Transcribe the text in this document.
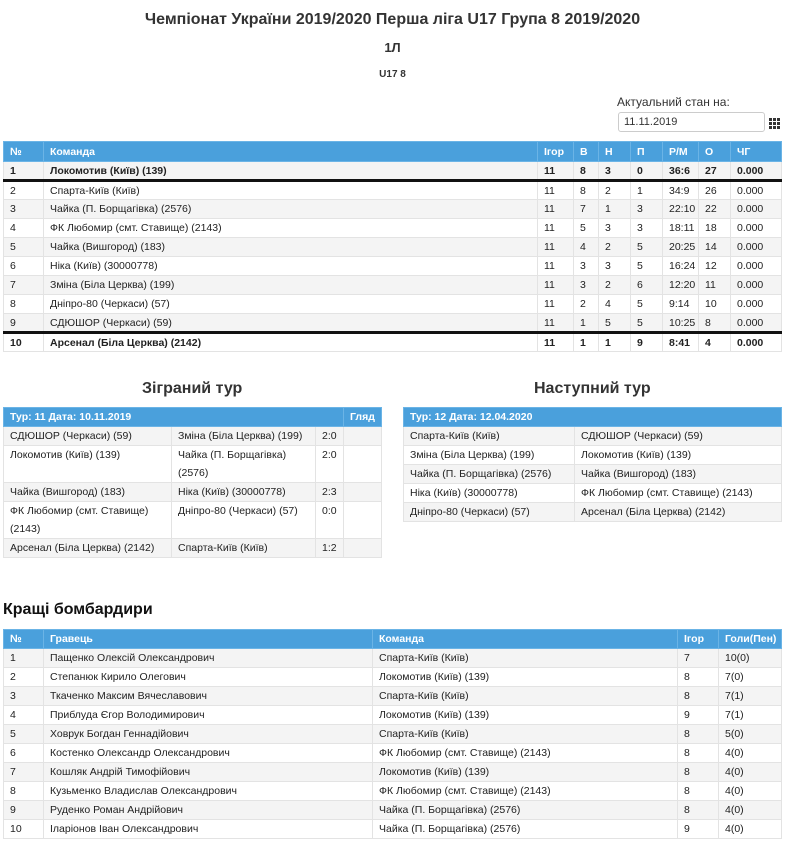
Чемпіонат України 2019/2020 Перша ліга U17 Група 8 2019/2020
1Л
U17 8
Актуальний стан на:
11.11.2019
№	Команда	Ігор	В	Н	П	Р/М	О	ЧГ
1	Локомотив (Київ) (139)	11	8	3	0	36:6	27	0.000
2	Спарта-Київ (Київ)	11	8	2	1	34:9	26	0.000
3	Чайка (П. Борщагівка) (2576)	11	7	1	3	22:10	22	0.000
4	ФК Любомир (смт. Ставище) (2143)	11	5	3	3	18:11	18	0.000
5	Чайка (Вишгород) (183)	11	4	2	5	20:25	14	0.000
6	Ніка (Київ) (30000778)	11	3	3	5	16:24	12	0.000
7	Зміна (Біла Церква) (199)	11	3	2	6	12:20	11	0.000
8	Дніпро-80 (Черкаси) (57)	11	2	4	5	9:14	10	0.000
9	СДЮШОР (Черкаси) (59)	11	1	5	5	10:25	8	0.000
10	Арсенал (Біла Церква) (2142)	11	1	1	9	8:41	4	0.000
Зіграний тур	Наступний тур
Тур: 11 Дата: 10.11.2019			Гляд
СДЮШОР (Черкаси) (59)	Зміна (Біла Церква) (199)	2:0	
Локомотив (Київ) (139)	Чайка (П. Борщагівка) (2576)	2:0	
Чайка (Вишгород) (183)	Ніка (Київ) (30000778)	2:3	
ФК Любомир (смт. Ставище) (2143)	Дніпро-80 (Черкаси) (57)	0:0	
Арсенал (Біла Церква) (2142)	Спарта-Київ (Київ)	1:2	
Тур: 12 Дата: 12.04.2020	
Спарта-Київ (Київ)	СДЮШОР (Черкаси) (59)
Зміна (Біла Церква) (199)	Локомотив (Київ) (139)
Чайка (П. Борщагівка) (2576)	Чайка (Вишгород) (183)
Ніка (Київ) (30000778)	ФК Любомир (смт. Ставище) (2143)
Дніпро-80 (Черкаси) (57)	Арсенал (Біла Церква) (2142)
Кращі бомбардири
№	Гравець	Команда	Ігор	Голи(Пен)
1	Пащенко Олексій Олександрович	Спарта-Київ (Київ)	7	10(0)
2	Степанюк Кирило Олегович	Локомотив (Київ) (139)	8	7(0)
3	Ткаченко Максим Вячеславович	Спарта-Київ (Київ)	8	7(1)
4	Приблуда Єгор Володимирович	Локомотив (Київ) (139)	9	7(1)
5	Ховрук Богдан Геннадійович	Спарта-Київ (Київ)	8	5(0)
6	Костенко Олександр Олександрович	ФК Любомир (смт. Ставище) (2143)	8	4(0)
7	Кошляк Андрій Тимофійович	Локомотив (Київ) (139)	8	4(0)
8	Кузьменко Владислав Олександрович	ФК Любомир (смт. Ставище) (2143)	8	4(0)
9	Руденко Роман Андрійович	Чайка (П. Борщагівка) (2576)	8	4(0)
10	Іларіонов Іван Олександрович	Чайка (П. Борщагівка) (2576)	9	4(0)
